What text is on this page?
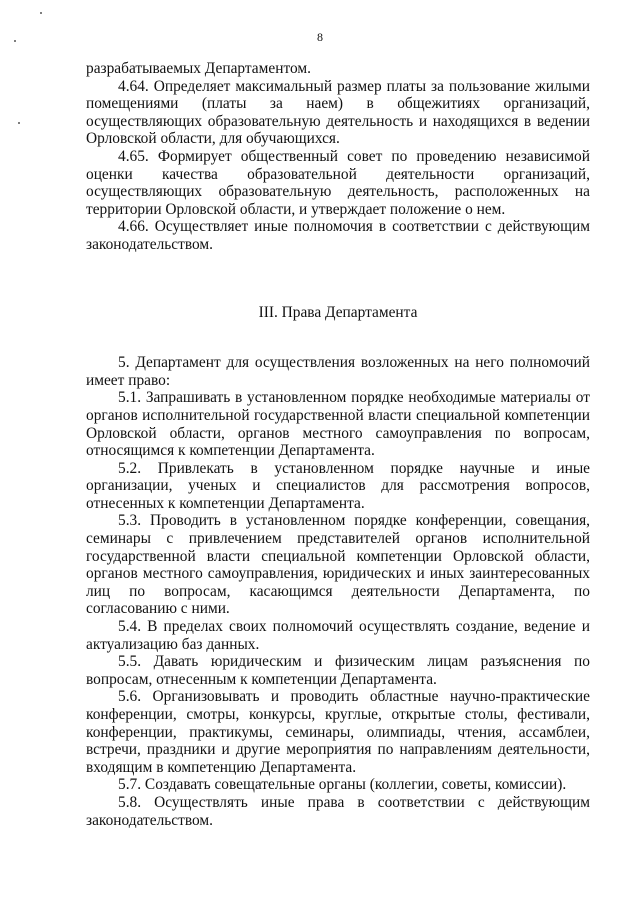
8

разрабатываемых Департаментом.

4.64. Определяет максимальный размер платы за пользование жилыми помещениями (платы за наем) в общежитиях организаций, осуществляющих образовательную деятельность и находящихся в ведении Орловской области, для обучающихся.

4.65. Формирует общественный совет по проведению независимой оценки качества образовательной деятельности организаций, осуществляющих образовательную деятельность, расположенных на территории Орловской области, и утверждает положение о нем.

4.66. Осуществляет иные полномочия в соответствии с действующим законодательством.

III. Права Департамента

5. Департамент для осуществления возложенных на него полномочий имеет право:

5.1. Запрашивать в установленном порядке необходимые материалы от органов исполнительной государственной власти специальной компетенции Орловской области, органов местного самоуправления по вопросам, относящимся к компетенции Департамента.

5.2. Привлекать в установленном порядке научные и иные организации, ученых и специалистов для рассмотрения вопросов, отнесенных к компетенции Департамента.

5.3. Проводить в установленном порядке конференции, совещания, семинары с привлечением представителей органов исполнительной государственной власти специальной компетенции Орловской области, органов местного самоуправления, юридических и иных заинтересованных лиц по вопросам, касающимся деятельности Департамента, по согласованию с ними.

5.4. В пределах своих полномочий осуществлять создание, ведение и актуализацию баз данных.

5.5. Давать юридическим и физическим лицам разъяснения по вопросам, отнесенным к компетенции Департамента.

5.6. Организовывать и проводить областные научно-практические конференции, смотры, конкурсы, круглые, открытые столы, фестивали, конференции, практикумы, семинары, олимпиады, чтения, ассамблеи, встречи, праздники и другие мероприятия по направлениям деятельности, входящим в компетенцию Департамента.

5.7. Создавать совещательные органы (коллегии, советы, комиссии).

5.8. Осуществлять иные права в соответствии с действующим законодательством.
